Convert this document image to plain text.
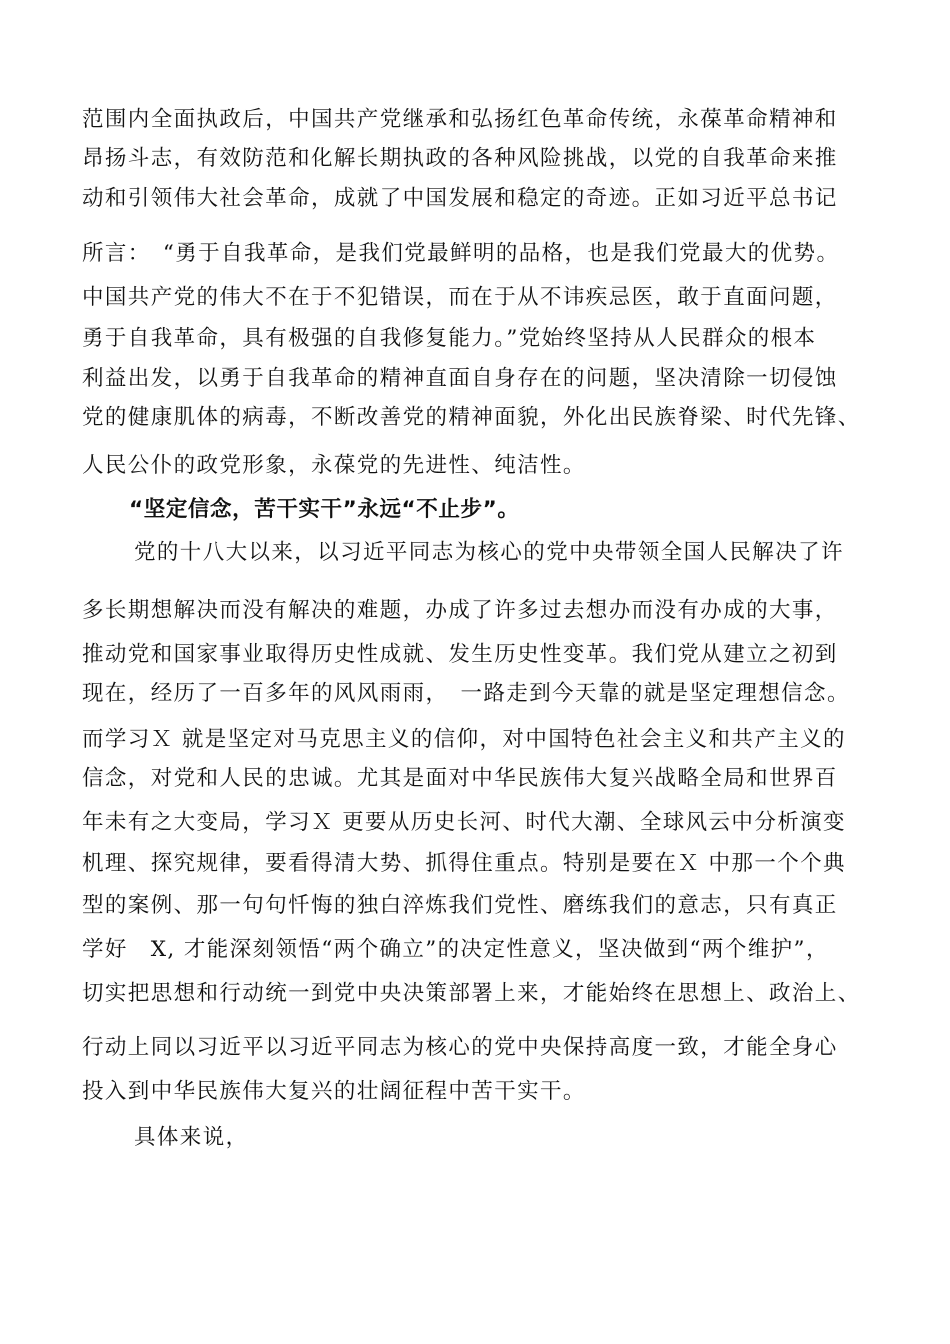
范围内全面执政后，中国共产党继承和弘扬红色革命传统，永葆革命精神和
昂扬斗志，有效防范和化解长期执政的各种风险挑战，以党的自我革命来推
动和引领伟大社会革命，成就了中国发展和稳定的奇迹。正如习近平总书记
所言：　“勇于自我革命，是我们党最鲜明的品格，也是我们党最大的优势。
中国共产党的伟大不在于不犯错误，而在于从不讳疾忌医，敢于直面问题，
勇于自我革命，具有极强的自我修复能力。”党始终坚持从人民群众的根本
利益出发，以勇于自我革命的精神直面自身存在的问题，坚决清除一切侵蚀
党的健康肌体的病毒，不断改善党的精神面貌，外化出民族脊梁、时代先锋、
人民公仆的政党形象，永葆党的先进性、纯洁性。
“坚定信念，苦干实干”永远“不止步”。
党的十八大以来，以习近平同志为核心的党中央带领全国人民解决了许
多长期想解决而没有解决的难题，办成了许多过去想办而没有办成的大事，
推动党和国家事业取得历史性成就、发生历史性变革。我们党从建立之初到
现在，经历了一百多年的风风雨雨，　一路走到今天靠的就是坚定理想信念。
而学习Ｘ 就是坚定对马克思主义的信仰，对中国特色社会主义和共产主义的
信念，对党和人民的忠诚。尤其是面对中华民族伟大复兴战略全局和世界百
年未有之大变局，学习Ｘ 更要从历史长河、时代大潮、全球风云中分析演变
机理、探究规律，要看得清大势、抓得住重点。特别是要在Ｘ 中那一个个典
型的案例、那一句句忏悔的独白淬炼我们党性、磨练我们的意志，只有真正
学好　X, 才能深刻领悟“两个确立”的决定性意义，坚决做到“两个维护”，
切实把思想和行动统一到党中央决策部署上来，才能始终在思想上、政治上、
行动上同以习近平以习近平同志为核心的党中央保持高度一致，才能全身心
投入到中华民族伟大复兴的壮阔征程中苦干实干。
具体来说，
